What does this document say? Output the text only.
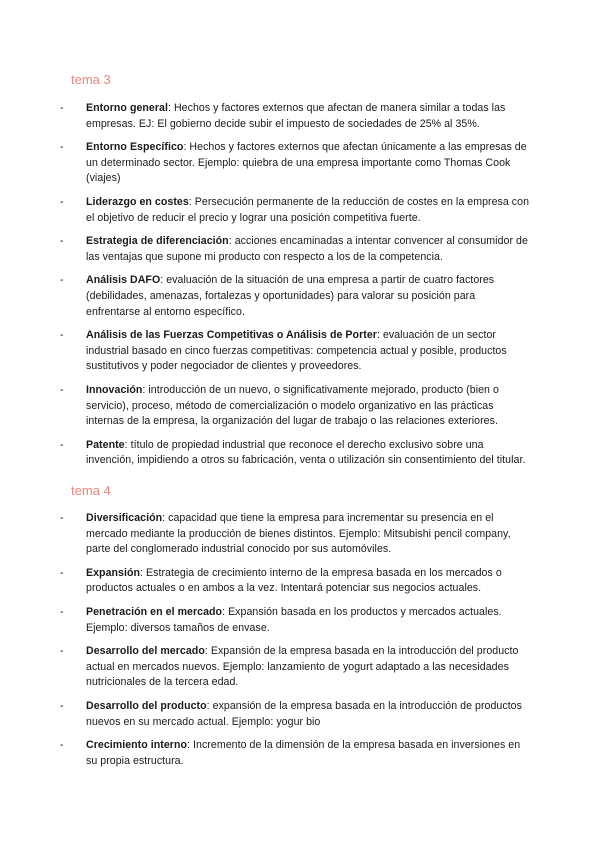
tema 3
-	Entorno general: Hechos y factores externos que afectan de manera similar a todas las empresas. EJ: El gobierno decide subir el impuesto de sociedades de 25% al 35%.
-	Entorno Específico: Hechos y factores externos que afectan únicamente a las empresas de un determinado sector. Ejemplo: quiebra de una empresa importante como Thomas Cook (viajes)
-	Liderazgo en costes: Persecución permanente de la reducción de costes en la empresa con el objetivo de reducir el precio y lograr una posición competitiva fuerte.
-	Estrategia de diferenciación: acciones encaminadas a intentar convencer al consumidor de las ventajas que supone mi producto con respecto a los de la competencia.
-	Análisis DAFO: evaluación de la situación de una empresa a partir de cuatro factores (debilidades, amenazas, fortalezas y oportunidades) para valorar su posición para enfrentarse al entorno específico.
-	Análisis de las Fuerzas Competitivas o Análisis de Porter: evaluación de un sector industrial basado en cinco fuerzas competitivas: competencia actual y posible, productos sustitutivos y poder negociador de clientes y proveedores.
-	Innovación: introducción de un nuevo, o significativamente mejorado, producto (bien o servicio), proceso, método de comercialización o modelo organizativo en las prácticas internas de la empresa, la organización del lugar de trabajo o las relaciones exteriores.
-	Patente: título de propiedad industrial que reconoce el derecho exclusivo sobre una invención, impidiendo a otros su fabricación, venta o utilización sin consentimiento del titular.
tema 4
-	Diversificación: capacidad que tiene la empresa para incrementar su presencia en el mercado mediante la producción de bienes distintos. Ejemplo: Mitsubishi pencil company, parte del conglomerado industrial conocido por sus automóviles.
-	Expansión: Estrategia de crecimiento interno de la empresa basada en los mercados o productos actuales o en ambos a la vez. Intentará potenciar sus negocios actuales.
-	Penetración en el mercado: Expansión basada en los productos y mercados actuales. Ejemplo: diversos tamaños de envase.
-	Desarrollo del mercado: Expansión de la empresa basada en la introducción del producto actual en mercados nuevos. Ejemplo: lanzamiento de yogurt adaptado a las necesidades nutricionales de la tercera edad.
-	Desarrollo del producto: expansión de la empresa basada en la introducción de productos nuevos en su mercado actual. Ejemplo: yogur bio
-	Crecimiento interno: Incremento de la dimensión de la empresa basada en inversiones en su propia estructura.
